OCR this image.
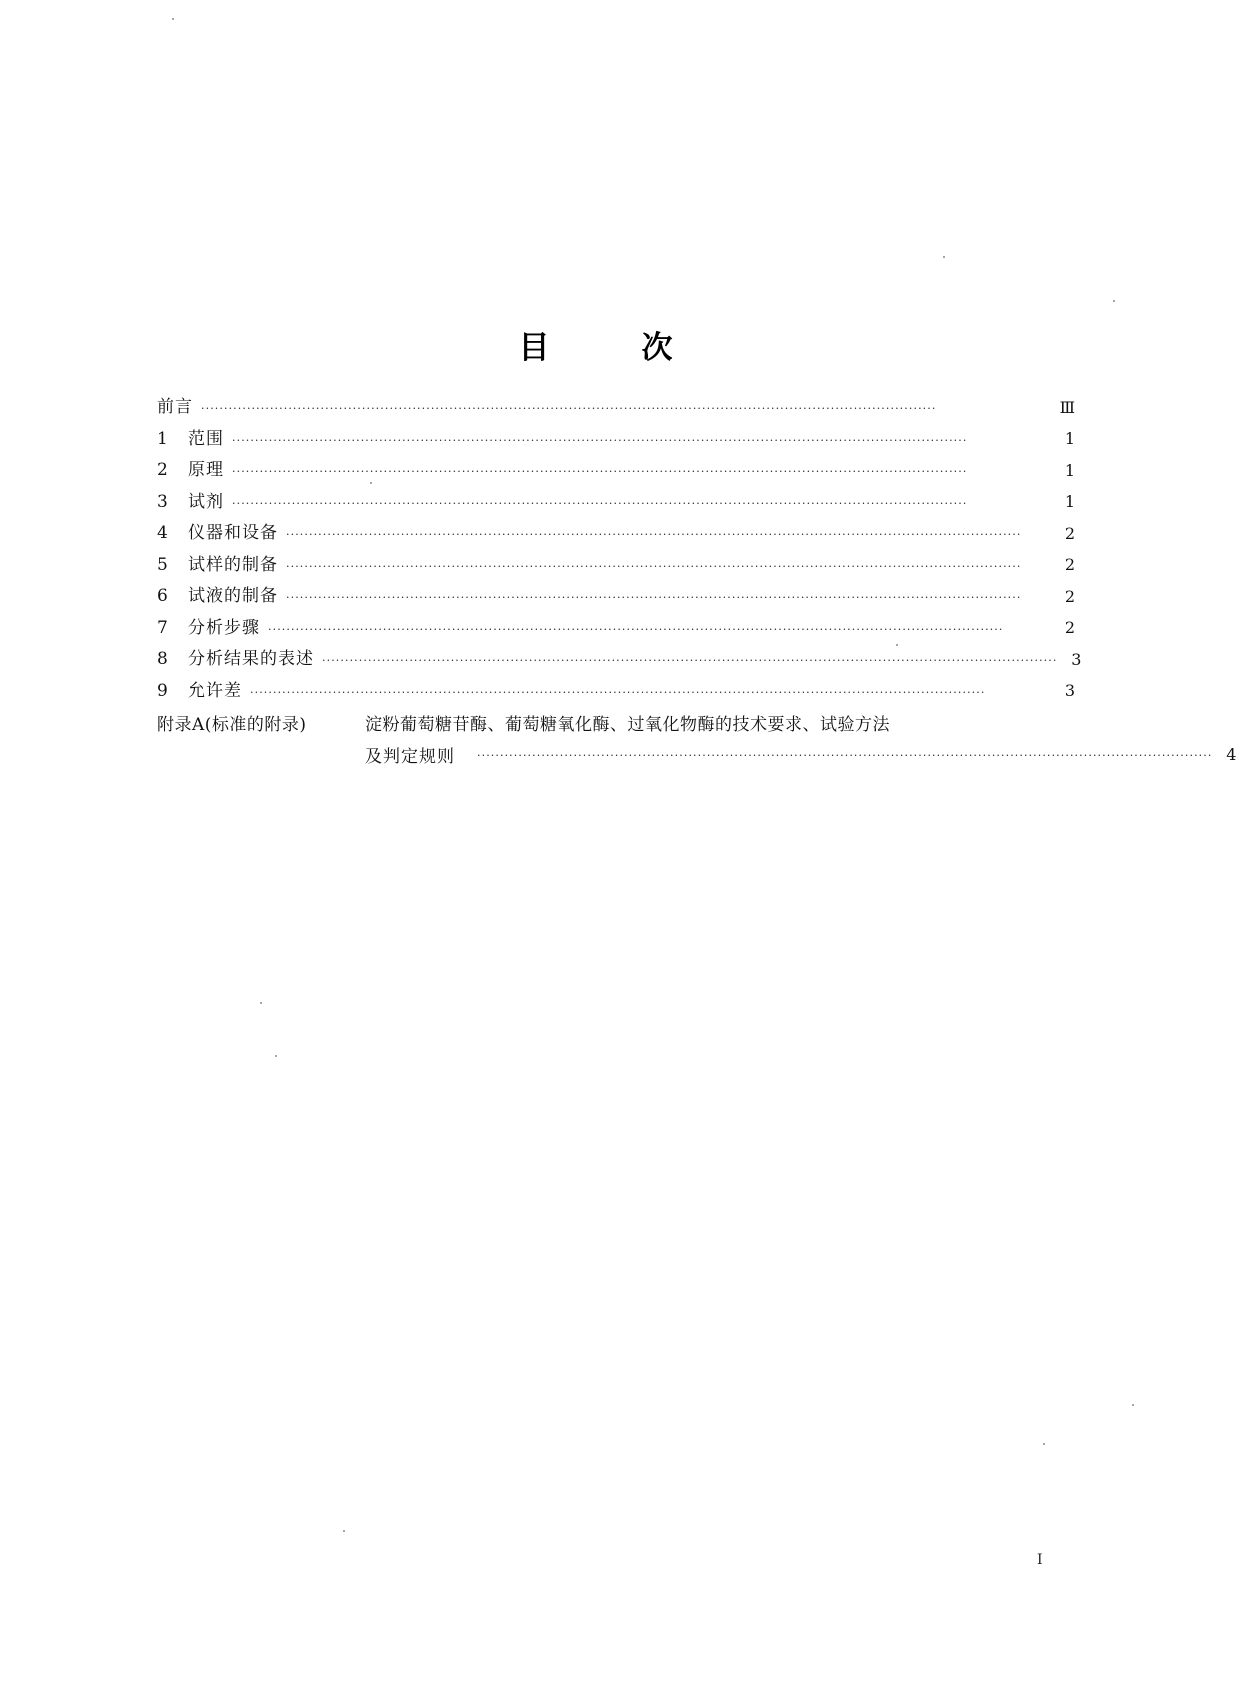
目	次
前言 ································································································································································	Ⅲ
1	范围 ································································································································································	1
2	原理 ································································································································································	1
3	试剂 ································································································································································	1
4	仪器和设备 ································································································································································	2
5	试样的制备 ································································································································································	2
6	试液的制备 ································································································································································	2
7	分析步骤 ································································································································································	2
8	分析结果的表述 ································································································································································ 3
9	允许差 ································································································································································	3
附录A(标准的附录)	淀粉葡萄糖苷酶、葡萄糖氧化酶、过氧化物酶的技术要求、试验方法
及判定规则	································································································································································ 4
I
